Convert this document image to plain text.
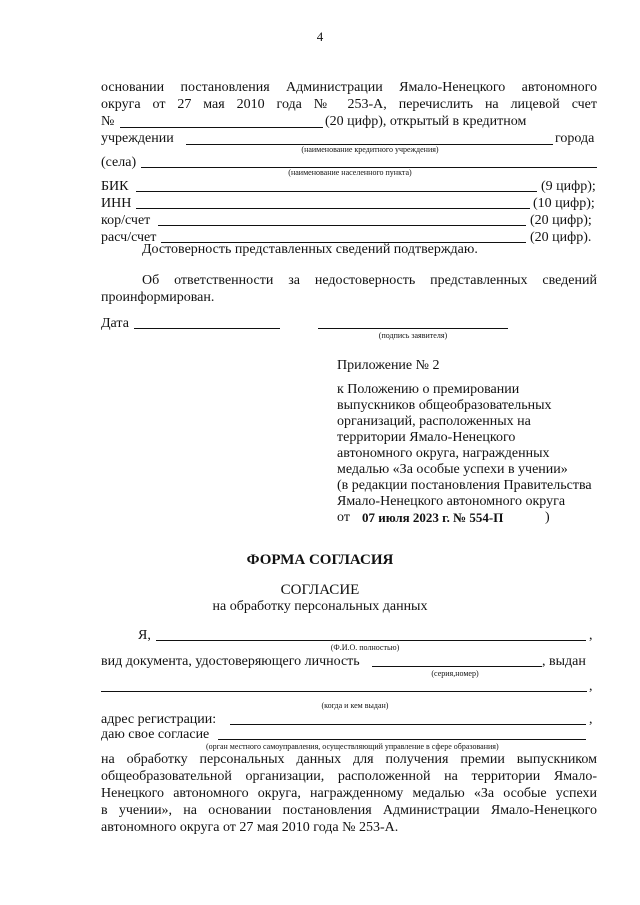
4
основании постановления Администрации Ямало-Ненецкого автономного
округа от 27 мая 2010 года № 253-А, перечислить на лицевой счет
№	(20 цифр), открытый в кредитном
учреждении	города
(наименование кредитного учреждения)
(села)
(наименование населенного пункта)
БИК	(9 цифр);
ИНН	(10 цифр);
кор/счет	(20 цифр);
расч/счет	(20 цифр).
Достоверность представленных сведений подтверждаю.
Об ответственности за недостоверность представленных сведений
проинформирован.
Дата
(подпись заявителя)
Приложение № 2
к Положению о премировании
выпускников общеобразовательных
организаций, расположенных на
территории Ямало-Ненецкого
автономного округа, награжденных
медалью «За особые успехи в учении»
(в редакции постановления Правительства
Ямало-Ненецкого автономного округа
от 07 июля 2023 г. № 554-П	)
ФОРМА СОГЛАСИЯ
СОГЛАСИЕ
на обработку персональных данных
Я,	,
(Ф.И.О. полностью)
вид документа, удостоверяющего личность	, выдан
(серия,номер)
,
(когда и кем выдан)
адрес регистрации:	,
даю свое согласие
(орган местного самоуправления, осуществляющий управление в сфере образования)
на обработку персональных данных для получения премии выпускником
общеобразовательной организации, расположенной на территории Ямало-
Ненецкого автономного округа, награжденному медалью «За особые успехи
в учении», на основании постановления Администрации Ямало-Ненецкого
автономного округа от 27 мая 2010 года № 253-А.
